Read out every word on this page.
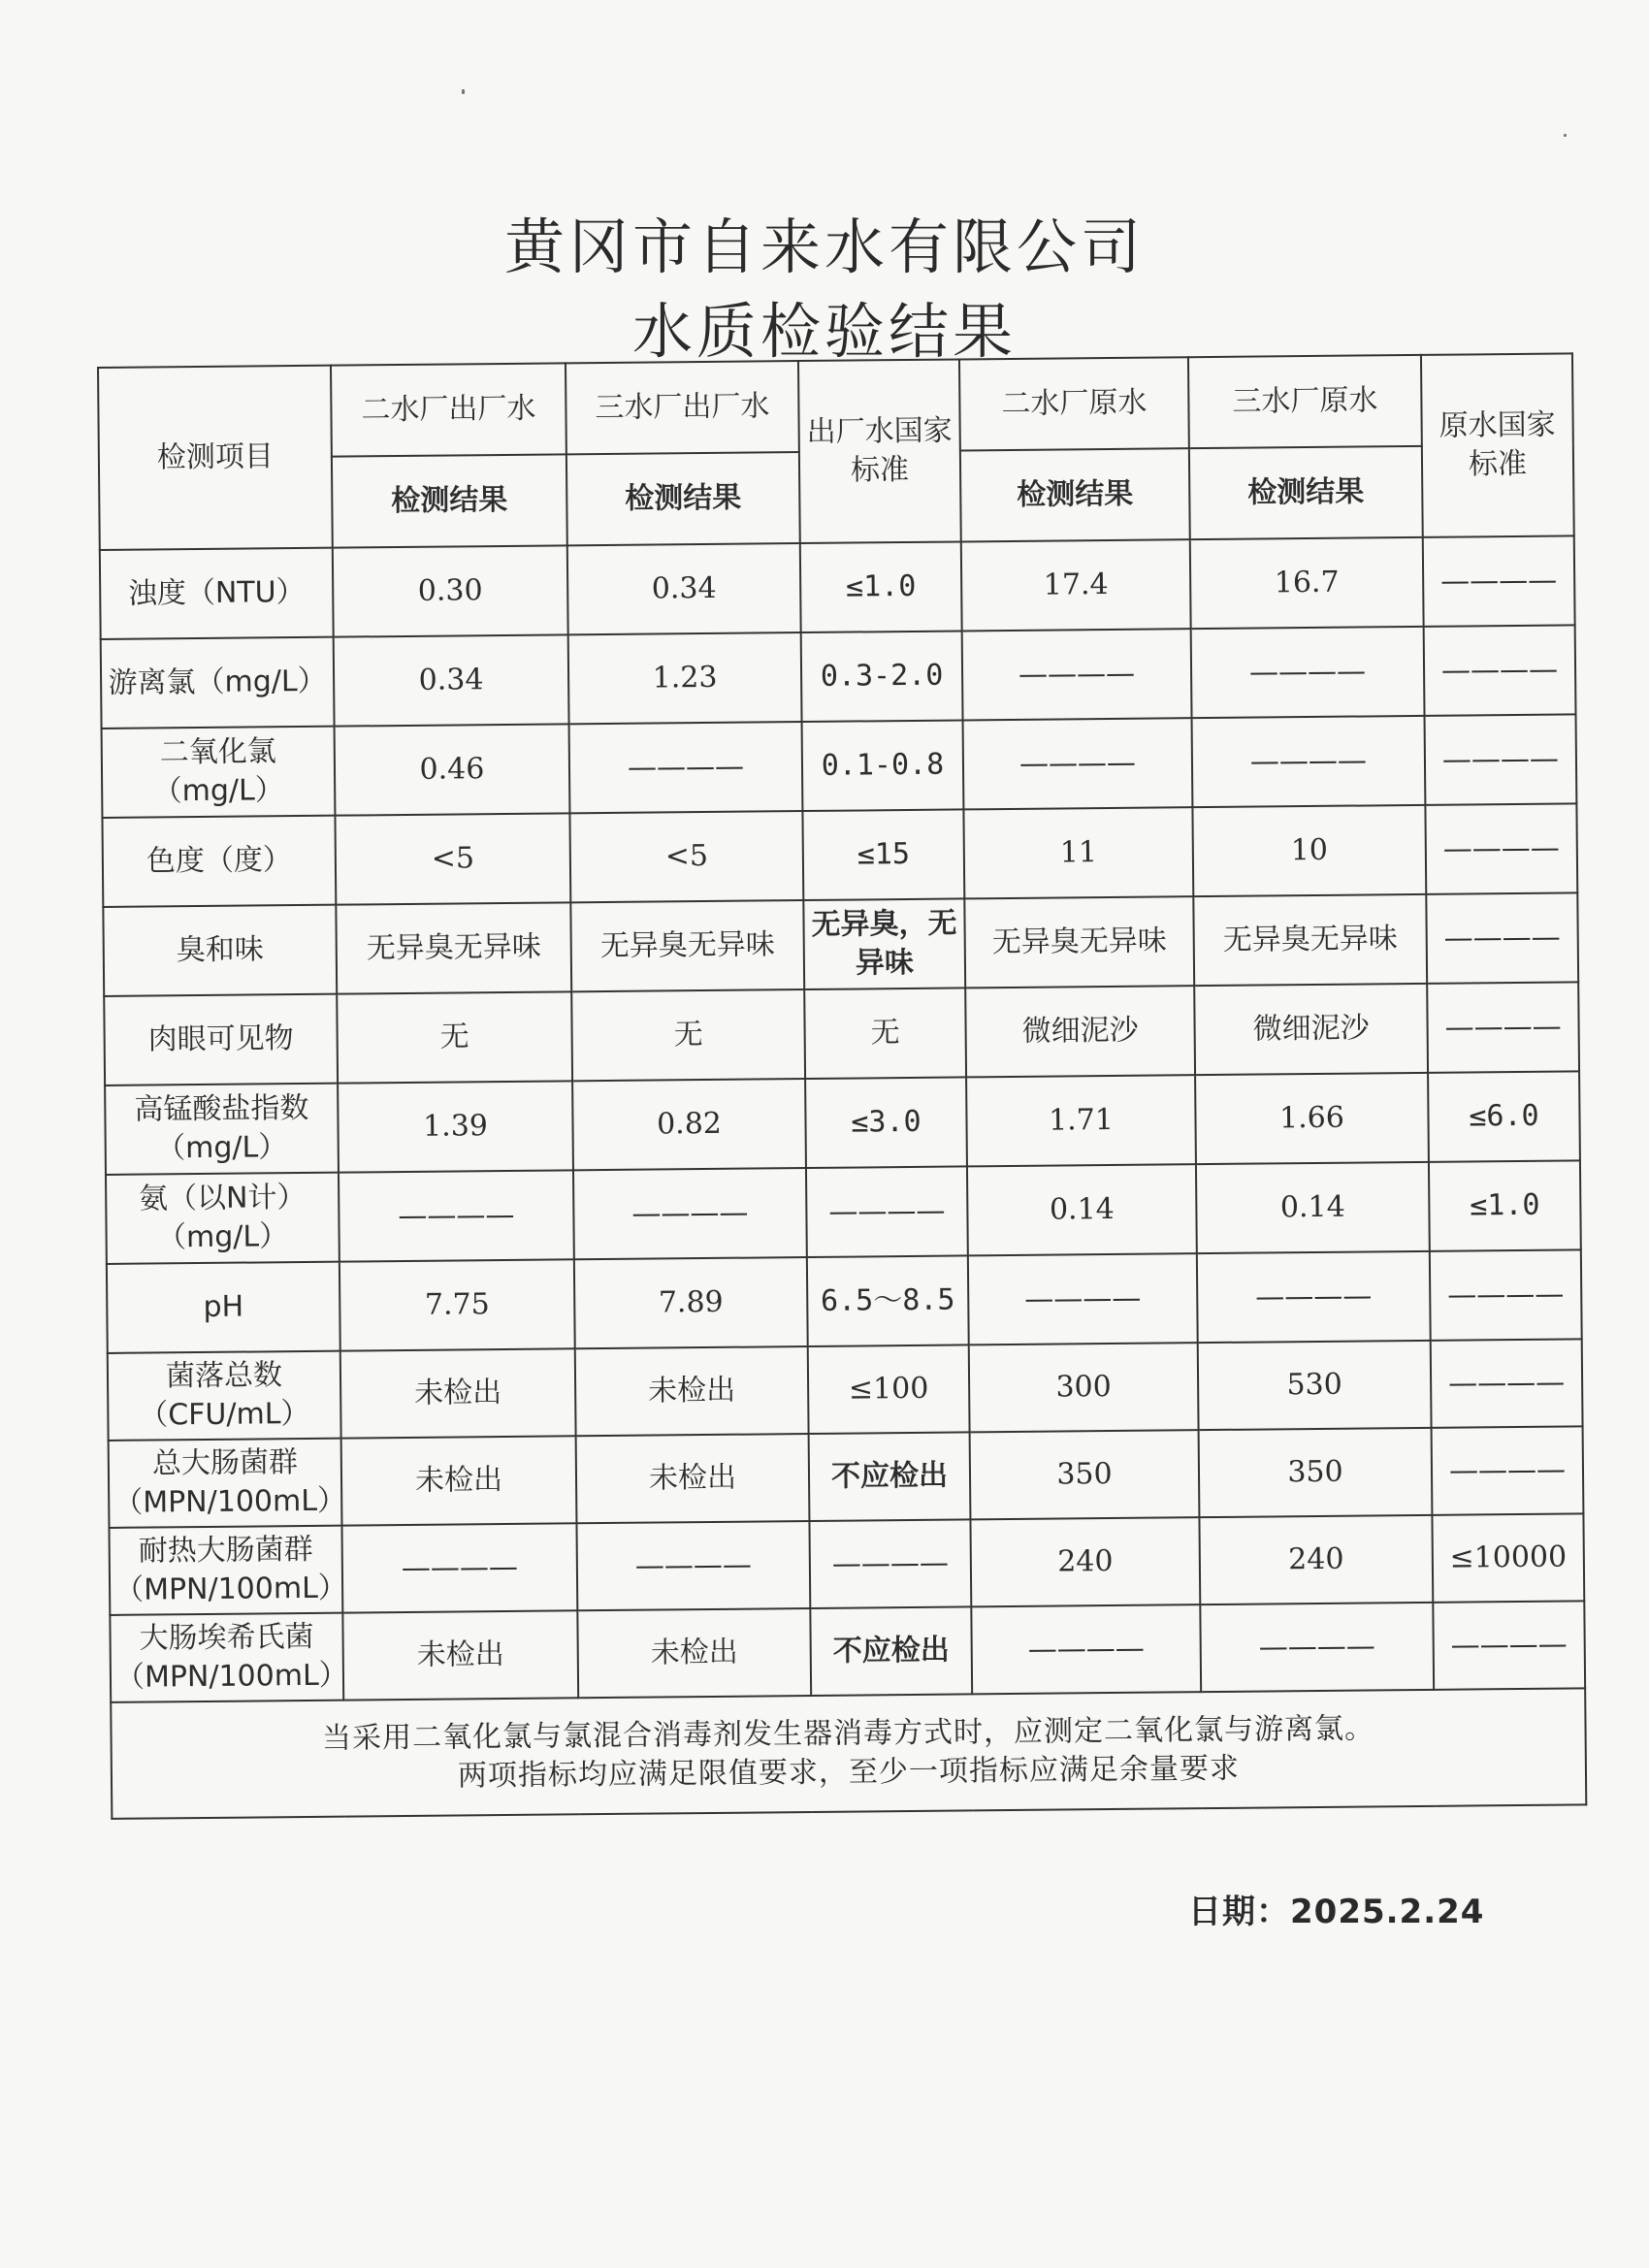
黄冈市自来水有限公司
水质检验结果
检测项目	二水厂出厂水	三水厂出厂水	出厂水国家标准	二水厂原水	三水厂原水	原水国家标准
	检测结果	检测结果		检测结果	检测结果	
浊度（NTU）	0.30	0.34	≤1.0	17.4	16.7	————
游离氯（mg/L）	0.34	1.23	0.3-2.0	————	————	————
二氧化氯（mg/L）	0.46	————	0.1-0.8	————	————	————
色度（度）	<5	<5	≤15	11	10	————
臭和味	无异臭无异味	无异臭无异味	无异臭，无异味	无异臭无异味	无异臭无异味	————
肉眼可见物	无	无	无	微细泥沙	微细泥沙	————
高锰酸盐指数（mg/L）	1.39	0.82	≤3.0	1.71	1.66	≤6.0
氨（以N计）（mg/L）	————	————	————	0.14	0.14	≤1.0
pH	7.75	7.89	6.5～8.5	————	————	————
菌落总数（CFU/mL）	未检出	未检出	≤100	300	530	————
总大肠菌群（MPN/100mL）	未检出	未检出	不应检出	350	350	————
耐热大肠菌群（MPN/100mL）	————	————	————	240	240	≤10000
大肠埃希氏菌（MPN/100mL）	未检出	未检出	不应检出	————	————	————

当采用二氧化氯与氯混合消毒剂发生器消毒方式时，应测定二氧化氯与游离氯。
两项指标均应满足限值要求，至少一项指标应满足余量要求						
日期：2025.2.24
